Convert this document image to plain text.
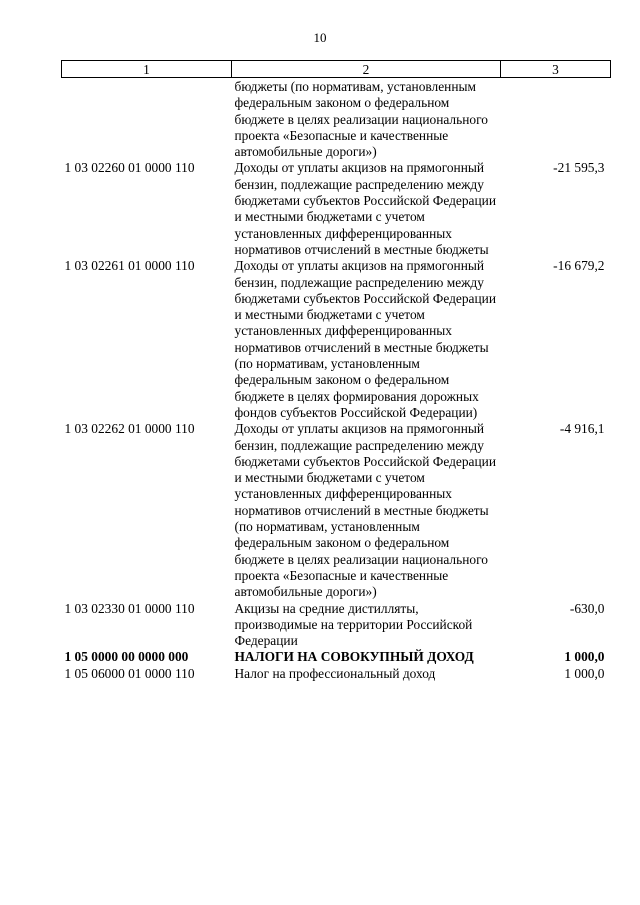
10
1	2	3
	бюджеты (по нормативам, установленным федеральным законом о федеральном бюджете в целях реализации национального проекта «Безопасные и качественные автомобильные дороги»)	
1 03 02260 01 0000 110	Доходы от уплаты акцизов на прямогонный бензин, подлежащие распределению между бюджетами субъектов Российской Федерации и местными бюджетами с учетом установленных дифференцированных нормативов отчислений в местные бюджеты	-21 595,3
1 03 02261 01 0000 110	Доходы от уплаты акцизов на прямогонный бензин, подлежащие распределению между бюджетами субъектов Российской Федерации и местными бюджетами с учетом установленных дифференцированных нормативов отчислений в местные бюджеты (по нормативам, установленным федеральным законом о федеральном бюджете в целях формирования дорожных фондов субъектов Российской Федерации)	-16 679,2
1 03 02262 01 0000 110	Доходы от уплаты акцизов на прямогонный бензин, подлежащие распределению между бюджетами субъектов Российской Федерации и местными бюджетами с учетом установленных дифференцированных нормативов отчислений в местные бюджеты (по нормативам, установленным федеральным законом о федеральном бюджете в целях реализации национального проекта «Безопасные и качественные автомобильные дороги»)	-4 916,1
1 03 02330 01 0000 110	Акцизы на средние дистилляты, производимые на территории Российской Федерации	-630,0
1 05 0000 00 0000 000	НАЛОГИ НА СОВОКУПНЫЙ ДОХОД	1 000,0
1 05 06000 01 0000 110	Налог на профессиональный доход	1 000,0
